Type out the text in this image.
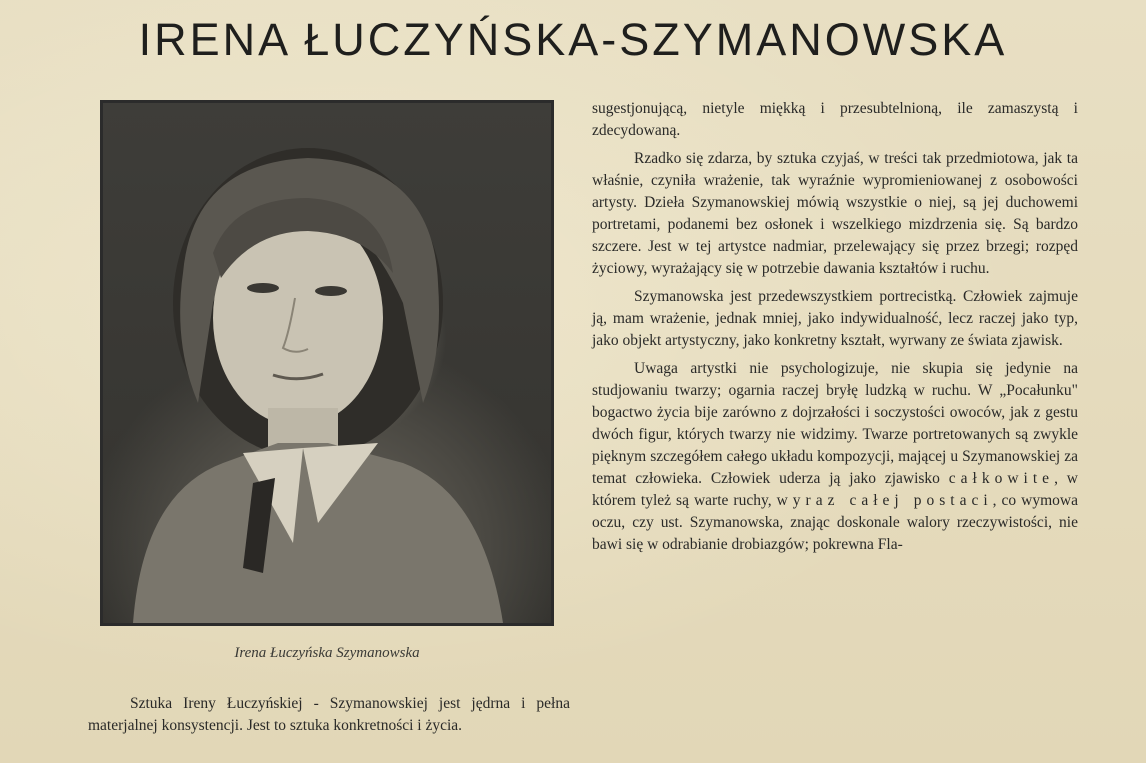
IRENA ŁUCZYŃSKA-SZYMANOWSKA
Irena Łuczyńska Szymanowska

Sztuka Ireny Łuczyńskiej - Szymanowskiej jest jędrna i pełna materjalnej konsystencji. Jest to sztuka konkretności i życia.

sugestjonującą, nietyle miękką i przesubtelnioną, ile zamaszystą i zdecydowaną.

Rzadko się zdarza, by sztuka czyjaś, w treści tak przedmiotowa, jak ta właśnie, czyniła wrażenie, tak wyraźnie wypromieniowanej z osobowości artysty. Dzieła Szymanowskiej mówią wszystkie o niej, są jej duchowemi portretami, podanemi bez osłonek i wszelkiego mizdrzenia się. Są bardzo szczere. Jest w tej artystce nadmiar, przelewający się przez brzegi; rozpęd życiowy, wyrażający się w potrzebie dawania kształtów i ruchu.

Szymanowska jest przedewszystkiem portrecistką. Człowiek zajmuje ją, mam wrażenie, jednak mniej, jako indywidualność, lecz raczej jako typ, jako objekt artystyczny, jako konkretny kształt, wyrwany ze świata zjawisk.

Uwaga artystki nie psychologizuje, nie skupia się jedynie na studjowaniu twarzy; ogarnia raczej bryłę ludzką w ruchu. W „Pocałunku" bogactwo życia bije zarówno z dojrzałości i soczystości owoców, jak z gestu dwóch figur, których twarzy nie widzimy. Twarze portretowanych są zwykle pięknym szczegółem całego układu kompozycji, mającej u Szymanowskiej za temat człowieka. Człowiek uderza ją jako zjawisko całkowite, w którem tyleż są warte ruchy, wyraz całej postaci, co wymowa oczu, czy ust. Szymanowska, znając doskonale walory rzeczywistości, nie bawi się w odrabianie drobiazgów; pokrewna Fla-
